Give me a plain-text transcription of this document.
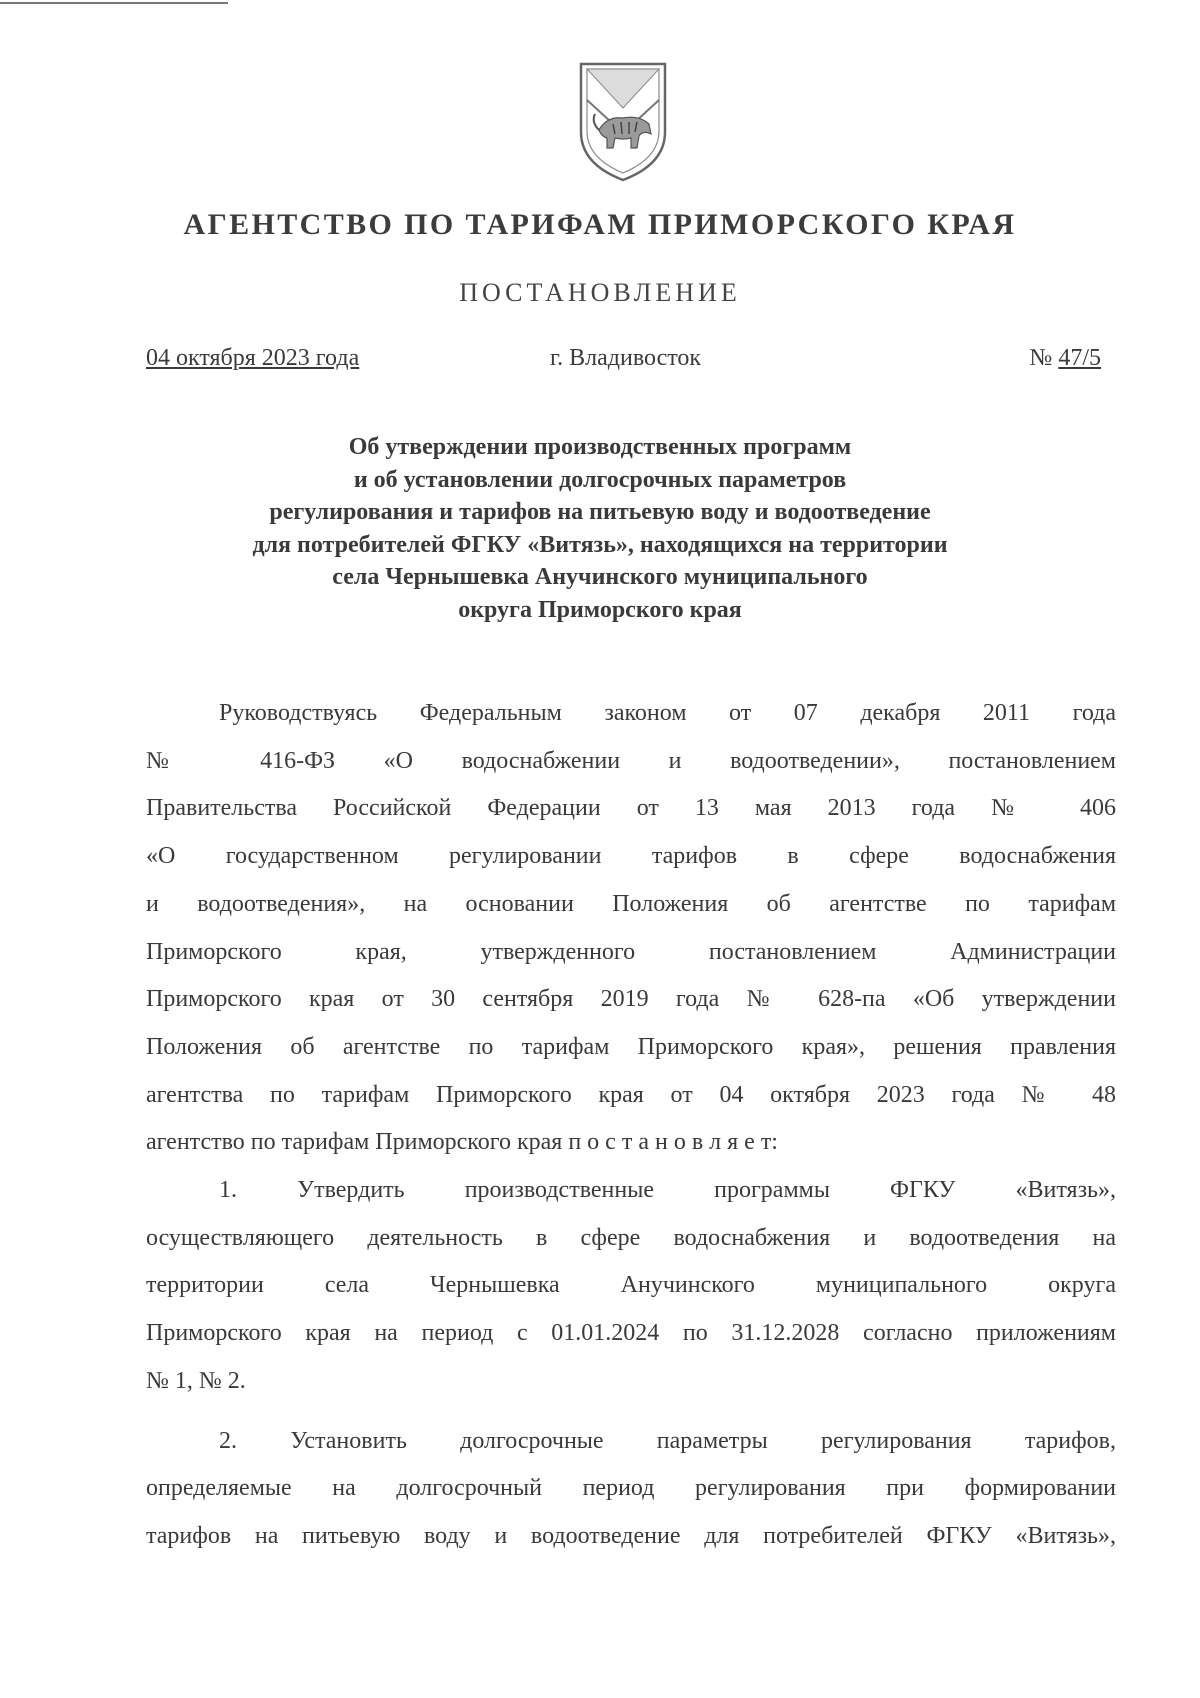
АГЕНТСТВО ПО ТАРИФАМ ПРИМОРСКОГО КРАЯ
ПОСТАНОВЛЕНИЕ
04 октября 2023 года	г. Владивосток	№ 47/5
Об утверждении производственных программ
и об установлении долгосрочных параметров
регулирования и тарифов на питьевую воду и водоотведение
для потребителей ФГКУ «Витязь», находящихся на территории
села Чернышевка Анучинского муниципального
округа Приморского края

Руководствуясь Федеральным законом от 07 декабря 2011 года

№ 416-ФЗ «О водоснабжении и водоотведении», постановлением

Правительства Российской Федерации от 13 мая 2013 года № 406

«О государственном регулировании тарифов в сфере водоснабжения

и водоотведения», на основании Положения об агентстве по тарифам

Приморского края, утвержденного постановлением Администрации

Приморского края от 30 сентября 2019 года № 628-па «Об утверждении

Положения об агентстве по тарифам Приморского края», решения правления

агентства по тарифам Приморского края от 04 октября 2023 года № 48

агентство по тарифам Приморского края п о с т а н о в л я е т:

1. Утвердить производственные программы ФГКУ «Витязь»,

осуществляющего деятельность в сфере водоснабжения и водоотведения на

территории села Чернышевка Анучинского муниципального округа

Приморского края на период с 01.01.2024 по 31.12.2028 согласно приложениям

№ 1, № 2.

2. Установить долгосрочные параметры регулирования тарифов,

определяемые на долгосрочный период регулирования при формировании

тарифов на питьевую воду и водоотведение для потребителей ФГКУ «Витязь»,
